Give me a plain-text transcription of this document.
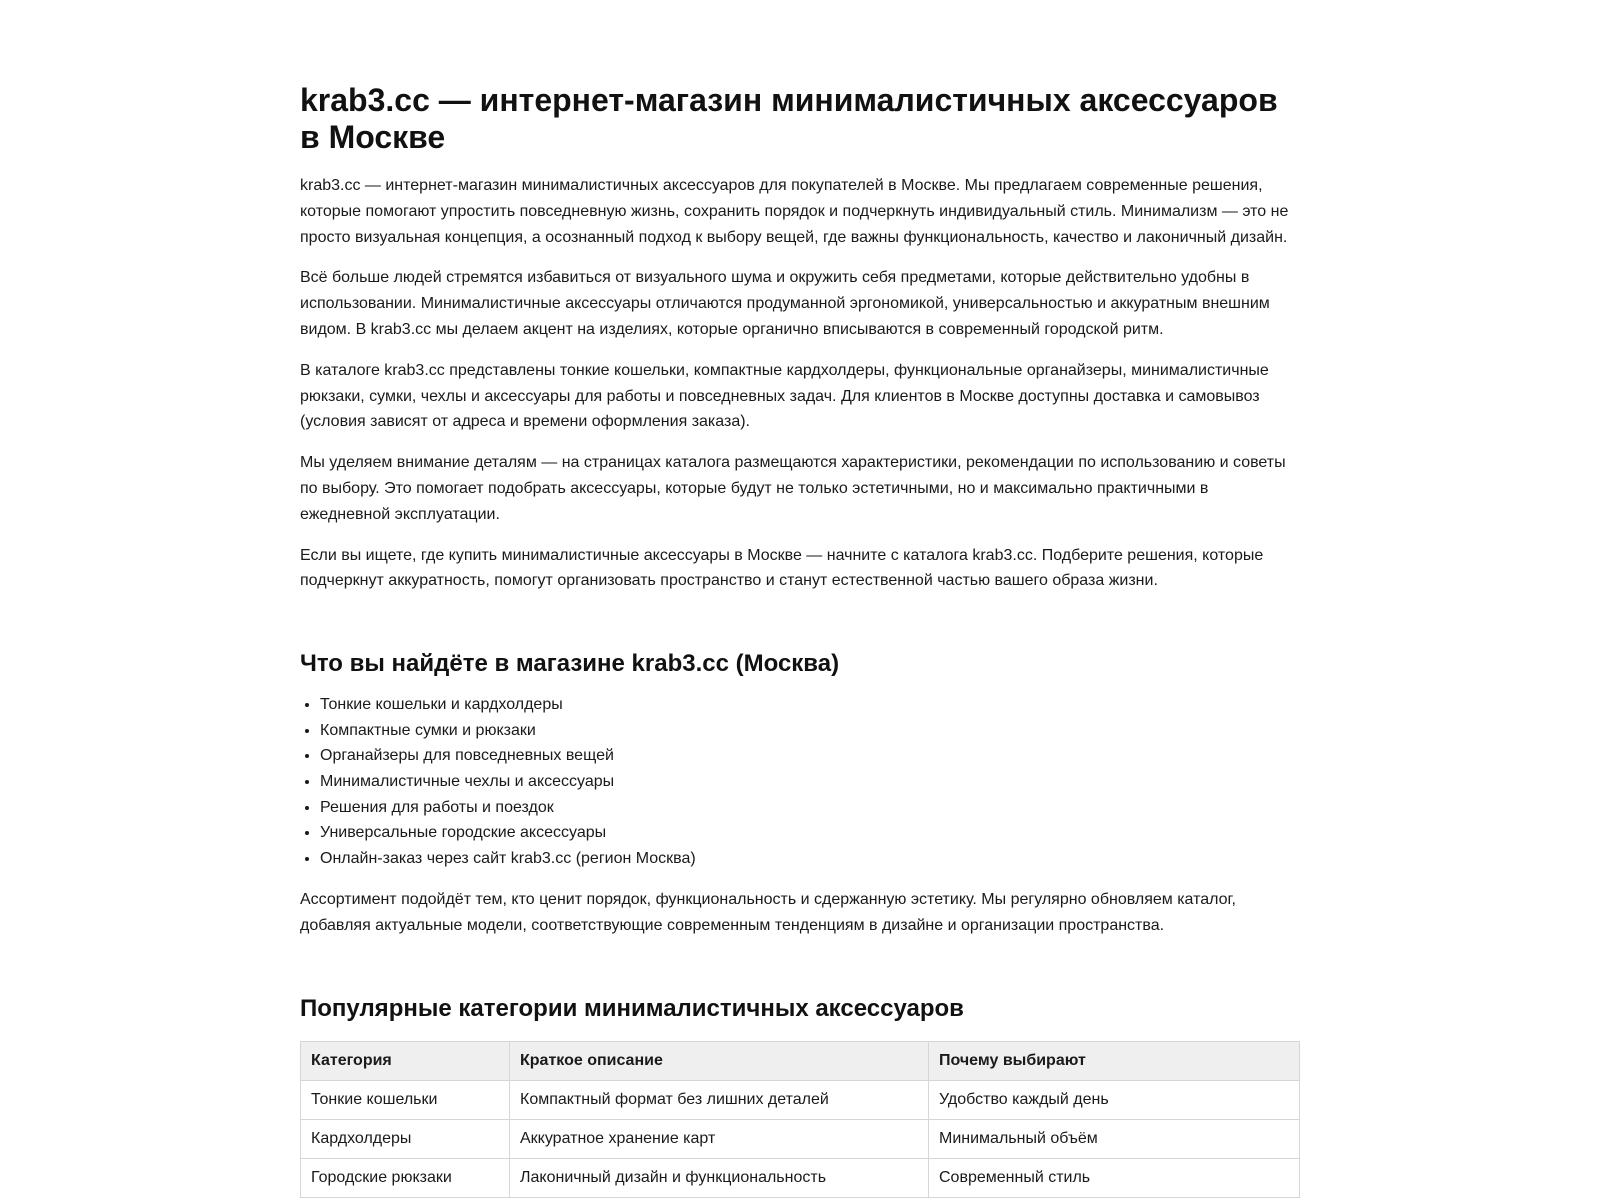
krab3.cc — интернет-магазин минималистичных аксессуаров в Москве

krab3.cc — интернет-магазин минималистичных аксессуаров для покупателей в Москве. Мы предлагаем современные решения, которые помогают упростить повседневную жизнь, сохранить порядок и подчеркнуть индивидуальный стиль. Минимализм — это не просто визуальная концепция, а осознанный подход к выбору вещей, где важны функциональность, качество и лаконичный дизайн.

Всё больше людей стремятся избавиться от визуального шума и окружить себя предметами, которые действительно удобны в использовании. Минималистичные аксессуары отличаются продуманной эргономикой, универсальностью и аккуратным внешним видом. В krab3.cc мы делаем акцент на изделиях, которые органично вписываются в современный городской ритм.

В каталоге krab3.cc представлены тонкие кошельки, компактные кардхолдеры, функциональные органайзеры, минималистичные рюкзаки, сумки, чехлы и аксессуары для работы и повседневных задач. Для клиентов в Москве доступны доставка и самовывоз (условия зависят от адреса и времени оформления заказа).

Мы уделяем внимание деталям — на страницах каталога размещаются характеристики, рекомендации по использованию и советы по выбору. Это помогает подобрать аксессуары, которые будут не только эстетичными, но и максимально практичными в ежедневной эксплуатации.

Если вы ищете, где купить минималистичные аксессуары в Москве — начните с каталога krab3.cc. Подберите решения, которые подчеркнут аккуратность, помогут организовать пространство и станут естественной частью вашего образа жизни.

Что вы найдёте в магазине krab3.cc (Москва)
• Тонкие кошельки и кардхолдеры
• Компактные сумки и рюкзаки
• Органайзеры для повседневных вещей
• Минималистичные чехлы и аксессуары
• Решения для работы и поездок
• Универсальные городские аксессуары
• Онлайн-заказ через сайт krab3.cc (регион Москва)

Ассортимент подойдёт тем, кто ценит порядок, функциональность и сдержанную эстетику. Мы регулярно обновляем каталог, добавляя актуальные модели, соответствующие современным тенденциям в дизайне и организации пространства.

Популярные категории минималистичных аксессуаров
Категория	Краткое описание	Почему выбирают
Тонкие кошельки	Компактный формат без лишних деталей	Удобство каждый день
Кардхолдеры	Аккуратное хранение карт	Минимальный объём
Городские рюкзаки	Лаконичный дизайн и функциональность	Современный стиль
